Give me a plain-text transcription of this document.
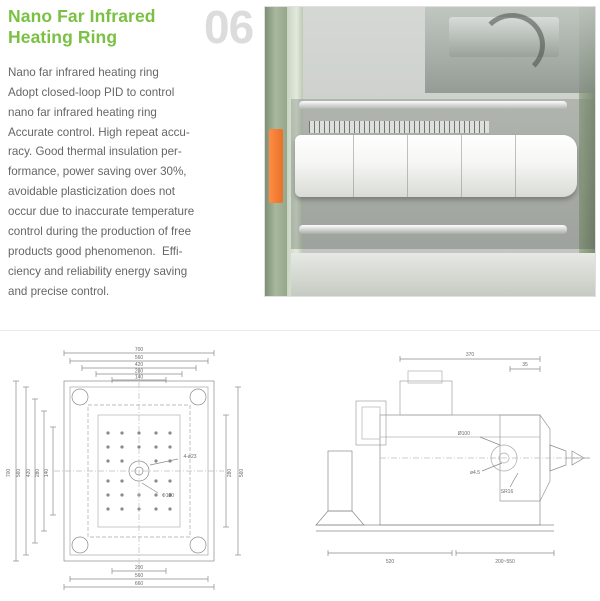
Nano Far Infrared Heating Ring	06

Nano far infrared heating ring
Adopt closed-loop PID to control
nano far infrared heating ring
Accurate control. High repeat accu-
racy. Good thermal insulation per-
formance, power saving over 30%,
avoidable plasticization does not
occur due to inaccurate temperature
control during the production of free
products good phenomenon.  Effi-
ciency and reliability energy saving
and precise control.

700
560
420
280
140
200
560
660
700 560 420 280 140	280 560
4-ø23
Ф120
370
35
520	200~550
Ø100
ø4.5
SR16
